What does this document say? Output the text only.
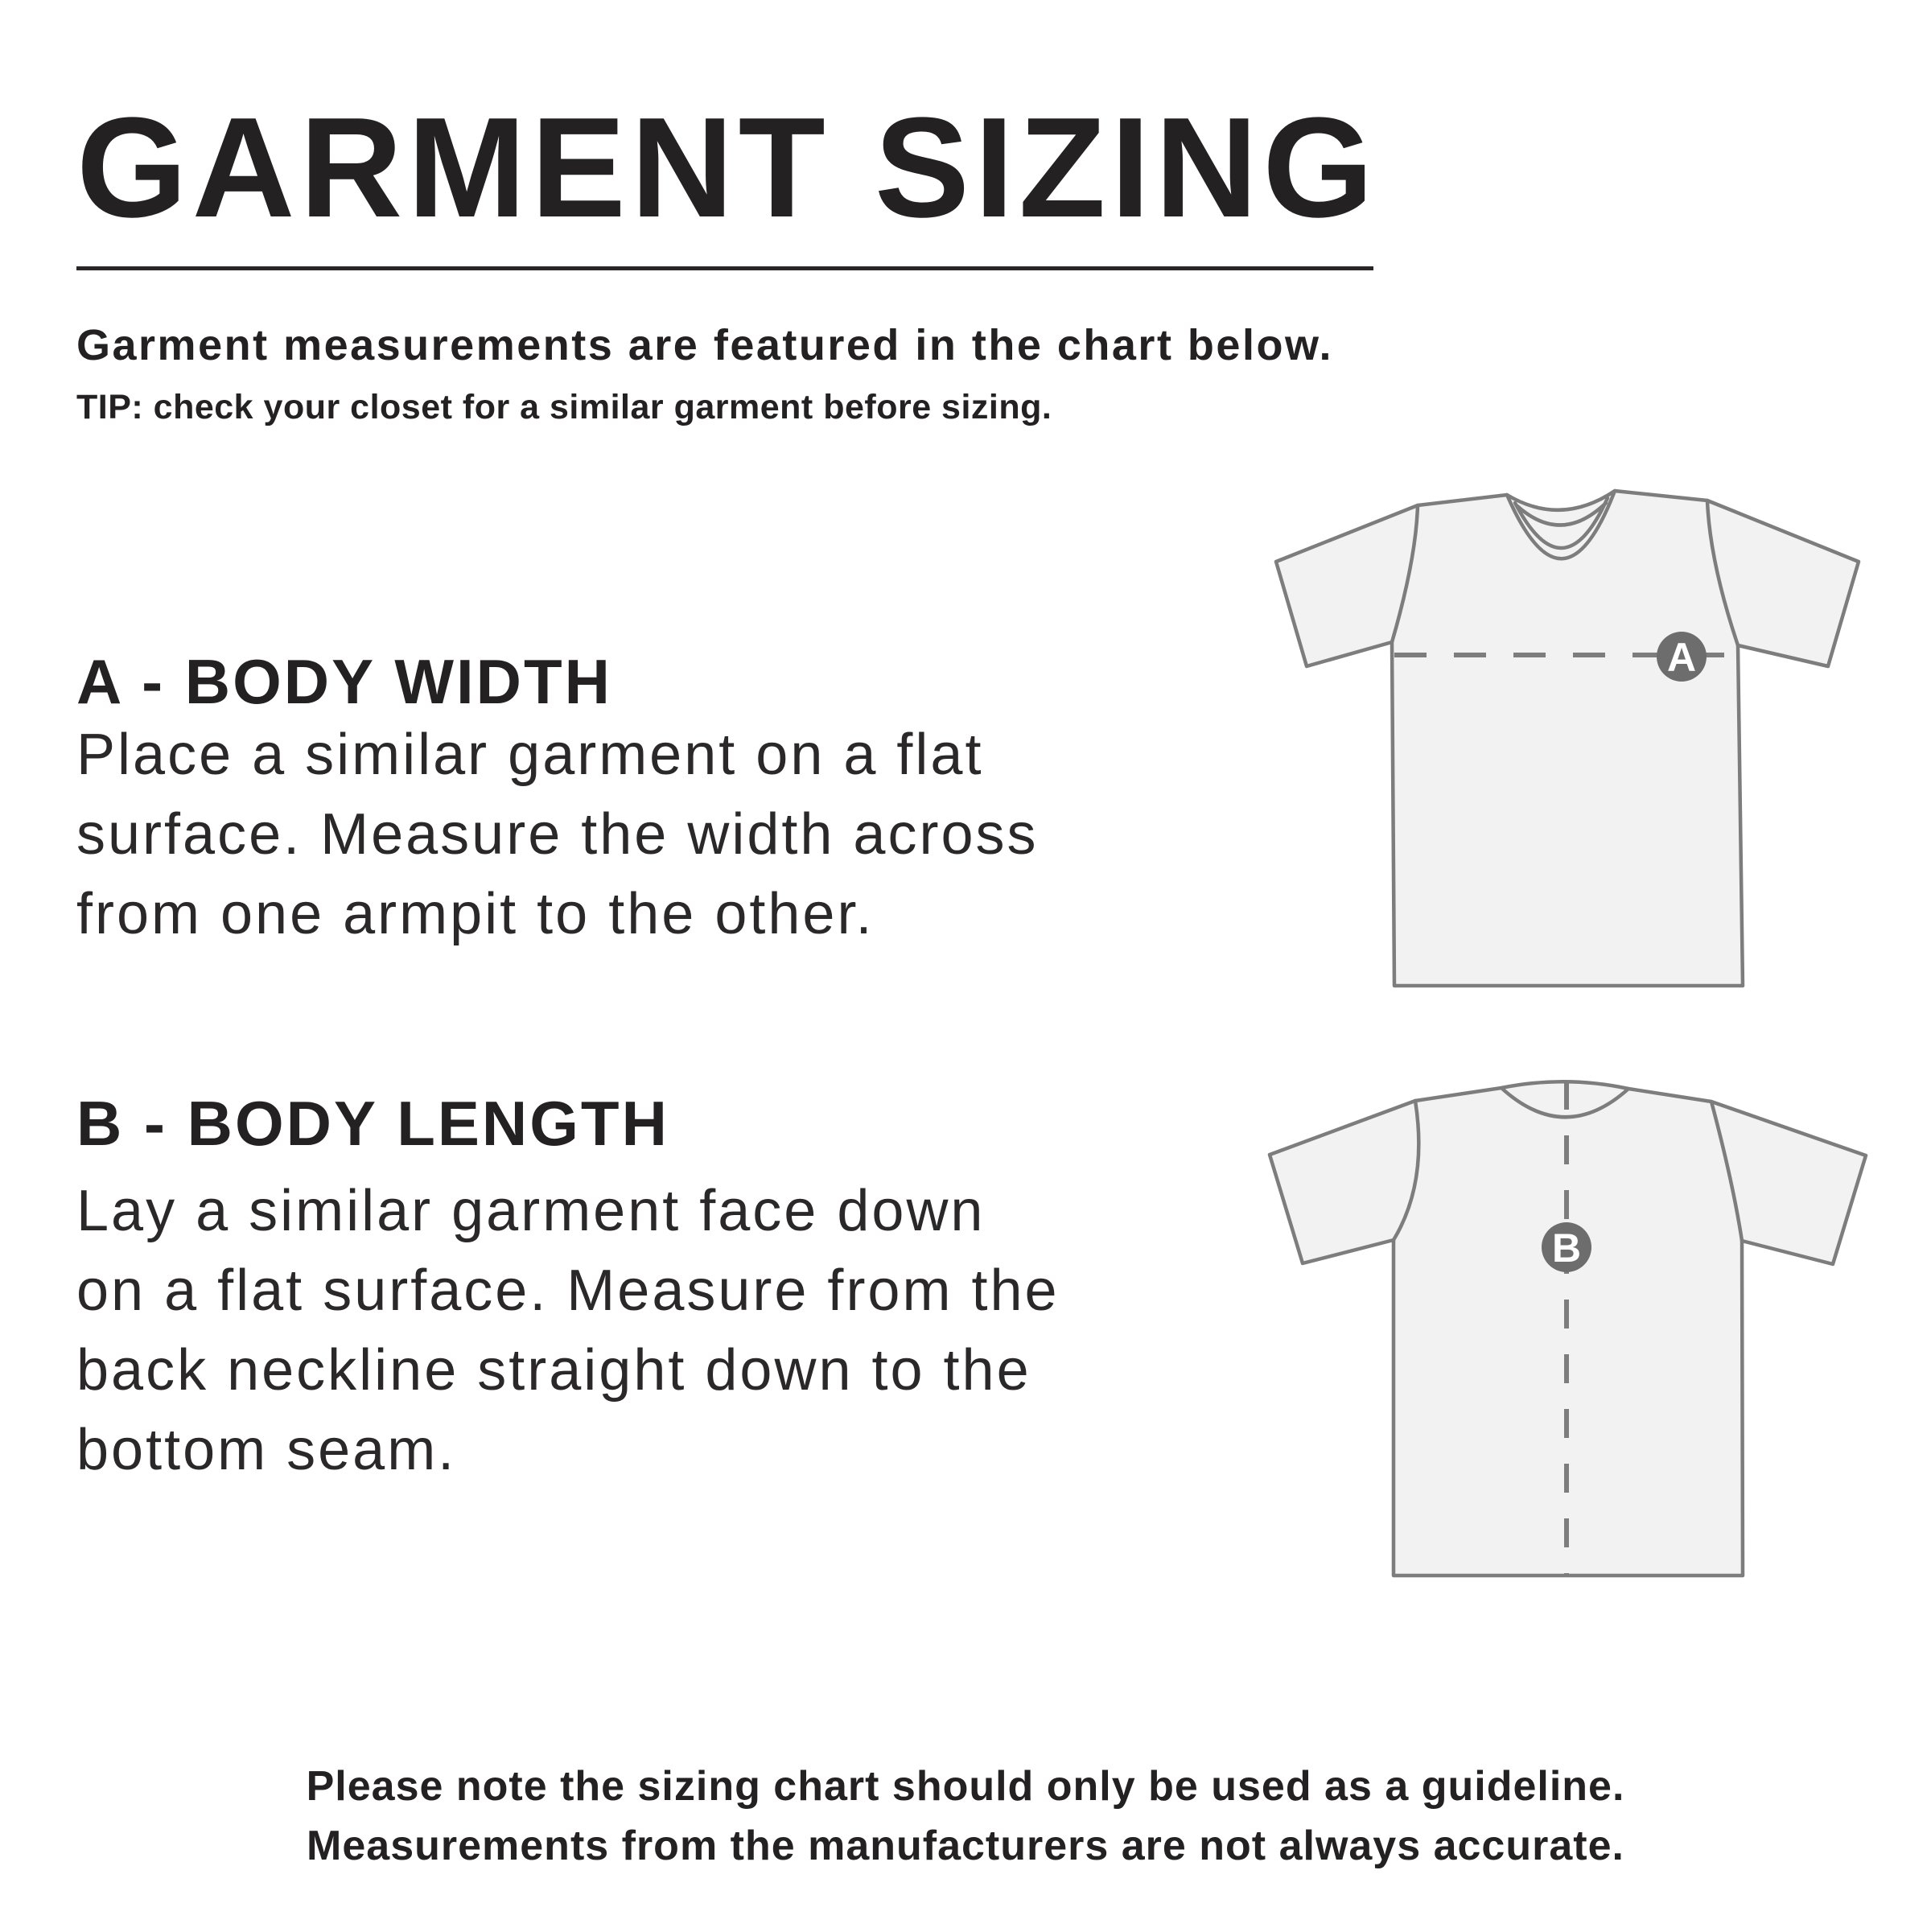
GARMENT SIZING
Garment measurements are featured in the chart below.
TIP: check your closet for a similar garment before sizing.
A - BODY WIDTH
Place a similar garment on a flat
surface. Measure the width across
from one armpit to the other.
B - BODY LENGTH
Lay a similar garment face down
on a flat surface. Measure from the
back neckline straight down to the
bottom seam.
A
B
Please note the sizing chart should only be used as a guideline.
Measurements from the manufacturers are not always accurate.
